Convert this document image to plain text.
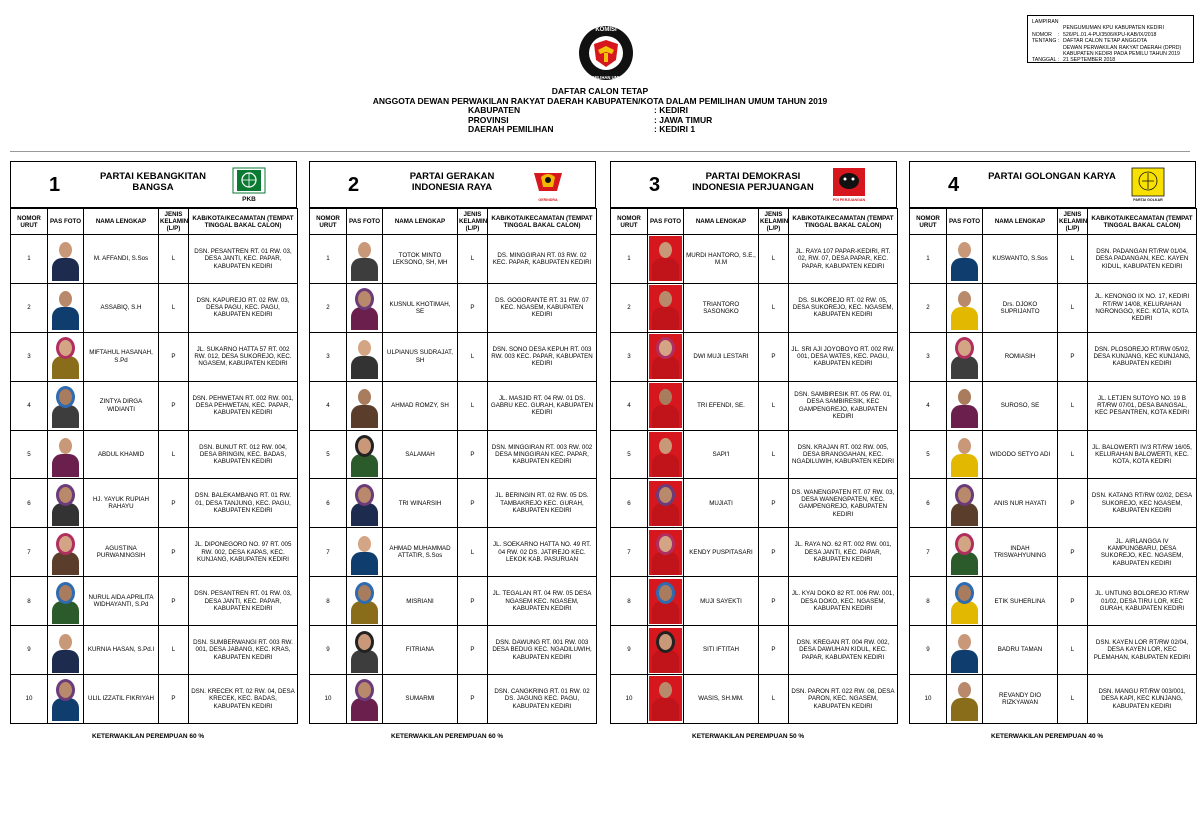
KOMISI
PEMILIHAN UMUM
LAMPIRAN
PENGUMUMAN KPU KABUPATEN KEDIRI
NOMOR	: 526/PL.01.4-PU/3506/KPU-KAB/IX/2018
TENTANG : DAFTAR CALON TETAP ANGGOTA
DEWAN PERWAKILAN RAKYAT DAERAH (DPRD)
KABUPATEN KEDIRI PADA PEMILU TAHUN 2019
TANGGAL : 21 SEPTEMBER 2018
DAFTAR CALON TETAP
ANGGOTA DEWAN PERWAKILAN RAKYAT DAERAH KABUPATEN/KOTA DALAM PEMILIHAN UMUM TAHUN 2019
KABUPATEN	: KEDIRI
PROVINSI	: JAWA TIMUR
DAERAH PEMILIHAN	: KEDIRI 1
1	PARTAI KEBANGKITAN BANGSA
PKB
NOMOR URUT	PAS FOTO	NAMA LENGKAP	JENIS KELAMIN (L/P)	KAB/KOTA/KECAMATAN (TEMPAT TINGGAL BAKAL CALON)
1		M. AFFANDI, S.Sos	L	DSN. PESANTREN RT. 01 RW. 03, DESA JANTI, KEC. PAPAR, KABUPATEN KEDIRI
2		ASSABIQ, S.H	L	DSN. KAPUREJO RT. 02 RW. 03, DESA PAGU, KEC. PAGU, KABUPATEN KEDIRI
3		MIFTAHUL HASANAH, S.Pd	P	JL. SUKARNO HATTA 57 RT. 002 RW. 012, DESA SUKOREJO, KEC. NGASEM, KABUPATEN KEDIRI
4		ZINTYA DIRGA WIDIANTI	P	DSN. PEHWETAN RT. 002 RW. 001, DESA PEHWETAN, KEC. PAPAR, KABUPATEN KEDIRI
5		ABDUL KHAMID	L	DSN. BUNUT RT. 012 RW. 004, DESA BRINGIN, KEC. BADAS, KABUPATEN KEDIRI
6		HJ. YAYUK RUPIAH RAHAYU	P	DSN. BALEKAMBANG RT. 01 RW. 01, DESA TANJUNG, KEC. PAGU, KABUPATEN KEDIRI
7		AGUSTINA PURWANINGSIH	P	JL. DIPONEGORO NO. 97 RT. 005 RW. 002, DESA KAPAS, KEC. KUNJANG, KABUPATEN KEDIRI
8		NURUL AIDA APRILITA WIDHAYANTI, S.Pd	P	DSN. PESANTREN RT. 01 RW. 03, DESA JANTI, KEC. PAPAR, KABUPATEN KEDIRI
9		KURNIA HASAN, S.Pd.I	L	DSN. SUMBERWANGI RT. 003 RW. 001, DESA JABANG, KEC. KRAS, KABUPATEN KEDIRI
10		ULIL IZZATIL FIKRIYAH	P	DSN. KRECEK RT. 02 RW. 04, DESA KRECEK, KEC. BADAS, KABUPATEN KEDIRI
KETERWAKILAN PEREMPUAN 60 %
2	PARTAI GERAKAN INDONESIA RAYA
GERINDRA
NOMOR URUT	PAS FOTO	NAMA LENGKAP	JENIS KELAMIN (L/P)	KAB/KOTA/KECAMATAN (TEMPAT TINGGAL BAKAL CALON)
1		TOTOK MINTO LEKSONO, SH, MH	L	DS. MINGGIRAN RT. 03 RW. 02 KEC. PAPAR, KABUPATEN KEDIRI
2		KUSNUL KHOTIMAH, SE	P	DS. GOGORANTE RT. 31 RW. 07 KEC. NGASEM, KABUPATEN KEDIRI
3		ULPIANUS SUDRAJAT, SH	L	DSN. SONO DESA KEPUH RT. 003 RW. 003 KEC. PAPAR, KABUPATEN KEDIRI
4		AHMAD ROMZY, SH	L	JL. MASJID RT. 04 RW. 01 DS. GABRU KEC. GURAH, KABUPATEN KEDIRI
5		SALAMAH	P	DSN. MINGGIRAN RT. 003 RW. 002 DESA MINGGIRAN KEC. PAPAR, KABUPATEN KEDIRI
6		TRI WINARSIH	P	JL. BERINGIN RT. 02 RW. 05 DS. TAMBAKREJO KEC. GURAH, KABUPATEN KEDIRI
7		AHMAD MUHAMMAD ATTATIR, S.Sos	L	JL. SOEKARNO HATTA NO. 49 RT. 04 RW. 02 DS. JATIREJO KEC. LEKOK KAB. PASURUAN
8		MISRIANI	P	JL. TEGALAN RT. 04 RW. 05 DESA NGASEM KEC. NGASEM, KABUPATEN KEDIRI
9		FITRIANA	P	DSN. DAWUNG RT. 001 RW. 003 DESA BEDUG KEC. NGADILUWIH, KABUPATEN KEDIRI
10		SUMARMI	P	DSN. CANGKRING RT. 01 RW. 02 DS. JAGUNG KEC. PAGU, KABUPATEN KEDIRI
KETERWAKILAN PEREMPUAN 60 %
3	PARTAI DEMOKRASI INDONESIA PERJUANGAN
PDI PERJUANGAN
NOMOR URUT	PAS FOTO	NAMA LENGKAP	JENIS KELAMIN (L/P)	KAB/KOTA/KECAMATAN (TEMPAT TINGGAL BAKAL CALON)
1		MURDI HANTORO, S.E., M.M	L	JL. RAYA 107 PAPAR-KEDIRI, RT. 02, RW. 07, DESA PAPAR, KEC. PAPAR, KABUPATEN KEDIRI
2		TRIANTORO SASONGKO	L	DS. SUKOREJO RT. 02 RW. 05, DESA SUKOREJO, KEC. NGASEM, KABUPATEN KEDIRI
3		DWI MUJI LESTARI	P	JL. SRI AJI JOYOBOYO RT. 002 RW. 001, DESA WATES, KEC. PAGU, KABUPATEN KEDIRI
4		TRI EFENDI, SE.	L	DSN. SAMBIRESIK RT. 05 RW. 01, DESA SAMBIRESIK, KEC GAMPENGREJO, KABUPATEN KEDIRI
5		SAPI'I	L	DSN. KRAJAN RT. 002 RW. 005, DESA BRANGGAHAN, KEC. NGADILUWIH, KABUPATEN KEDIRI
6		MUJIATI	P	DS. WANENGPATEN RT. 07 RW. 03, DESA WANENGPATEN, KEC. GAMPENGREJO, KABUPATEN KEDIRI
7		KENDY PUSPITASARI	P	JL. RAYA NO. 62 RT. 002 RW. 001, DESA JANTI, KEC. PAPAR, KABUPATEN KEDIRI
8		MUJI SAYEKTI	P	JL. KYAI DOKO 82 RT. 006 RW. 001, DESA DOKO, KEC. NGASEM, KABUPATEN KEDIRI
9		SITI IFTITAH	P	DSN. KREGAN RT. 004 RW. 002, DESA DAWUHAN KIDUL, KEC. PAPAR, KABUPATEN KEDIRI
10		WASIS, SH.MM.	L	DSN. PARON RT. 022 RW. 08, DESA PARON, KEC. NGASEM, KABUPATEN KEDIRI
KETERWAKILAN PEREMPUAN 50 %
4	PARTAI GOLONGAN KARYA
PARTAI GOLKAR
NOMOR URUT	PAS FOTO	NAMA LENGKAP	JENIS KELAMIN (L/P)	KAB/KOTA/KECAMATAN (TEMPAT TINGGAL BAKAL CALON)
1		KUSWANTO, S.Sos	L	DSN. PADANGAN RT/RW 01/04, DESA PADANGAN, KEC. KAYEN KIDUL, KABUPATEN KEDIRI
2		Drs. DJOKO SUPRIJANTO	L	JL. KENONGO IX NO. 17, KEDIRI RT/RW 14/08, KELURAHAN NGRONGGO, KEC. KOTA, KOTA KEDIRI
3		ROMIASIH	P	DSN. PLOSOREJO RT/RW 05/02, DESA KUNJANG, KEC KUNJANG, KABUPATEN KEDIRI
4		SUROSO, SE	L	JL. LETJEN SUTOYO NO. 19 B RT/RW 07/01, DESA BANGSAL, KEC PESANTREN, KOTA KEDIRI
5		WIDODO SETYO ADI	L	JL. BALOWERTI IV/3 RT/RW 16/05, KELURAHAN BALOWERTI, KEC. KOTA, KOTA KEDIRI
6		ANIS NUR HAYATI	P	DSN. KATANG RT/RW 02/02, DESA SUKOREJO, KEC NGASEM, KABUPATEN KEDIRI
7		INDAH TRISWAHYUNING	P	JL. AIRLANGGA IV KAMPUNGBARU, DESA SUKOREJO, KEC. NGASEM, KABUPATEN KEDIRI
8		ETIK SUHERLINA	P	JL. UNTUNG BOLOREJO RT/RW 01/02, DESA TIRU LOR, KEC GURAH, KABUPATEN KEDIRI
9		BADRU TAMAN	L	DSN. KAYEN LOR RT/RW 02/04, DESA KAYEN LOR, KEC PLEMAHAN, KABUPATEN KEDIRI
10		REVANDY DIO RIZKYAWAN	L	DSN. MANGU RT/RW 003/001, DESA KAPI, KEC KUNJANG, KABUPATEN KEDIRI
KETERWAKILAN PEREMPUAN 40 %
